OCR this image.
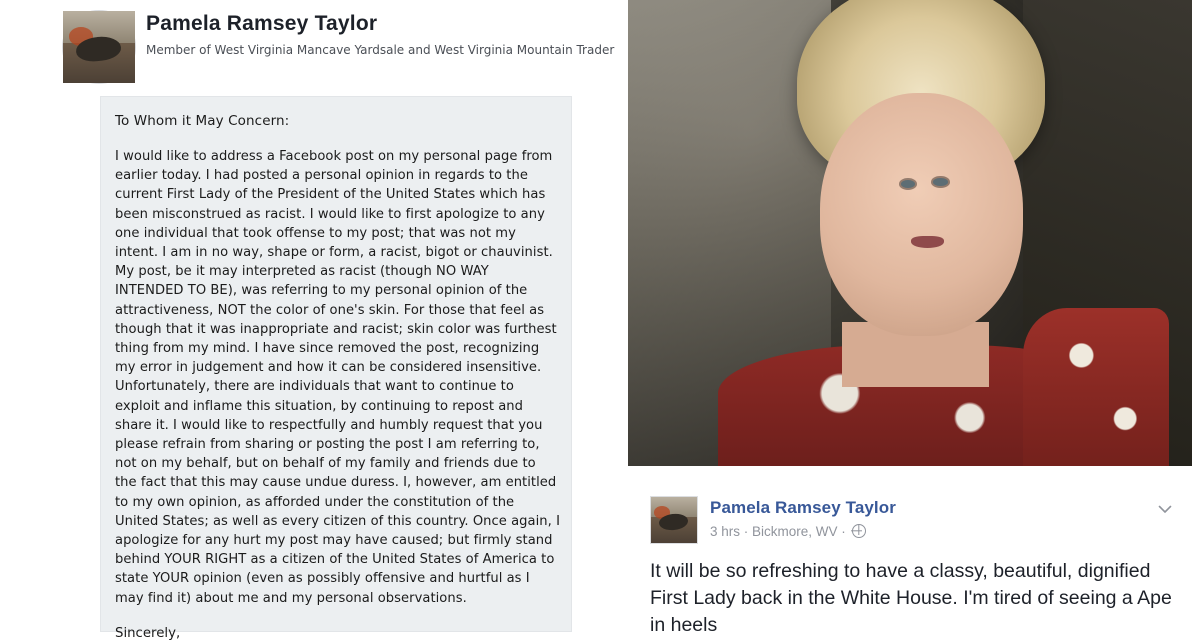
Pamela Ramsey Taylor
Member of West Virginia Mancave Yardsale and West Virginia Mountain Trader
To Whom it May Concern:
I would like to address a Facebook post on my personal page from earlier today. I had posted a personal opinion in regards to the current First Lady of the President of the United States which has been misconstrued as racist. I would like to first apologize to any one individual that took offense to my post; that was not my intent. I am in no way, shape or form, a racist, bigot or chauvinist. My post, be it may interpreted as racist (though NO WAY INTENDED TO BE), was referring to my personal opinion of the attractiveness, NOT the color of one's skin. For those that feel as though that it was inappropriate and racist; skin color was furthest thing from my mind. I have since removed the post, recognizing my error in judgement and how it can be considered insensitive. Unfortunately, there are individuals that want to continue to exploit and inflame this situation, by continuing to repost and share it. I would like to respectfully and humbly request that you please refrain from sharing or posting the post I am referring to, not on my behalf, but on behalf of my family and friends due to the fact that this may cause undue duress. I, however, am entitled to my own opinion, as afforded under the constitution of the United States; as well as every citizen of this country. Once again, I apologize for any hurt my post may have caused; but firmly stand behind YOUR RIGHT as a citizen of the United States of America to state YOUR opinion (even as possibly offensive and hurtful as I may find it) about me and my personal observations.
Sincerely,
Pamela Ramsey Taylor
3 hrs · Bickmore, WV ·
It will be so refreshing to have a classy, beautiful, dignified First Lady back in the White House. I'm tired of seeing a Ape in heels
